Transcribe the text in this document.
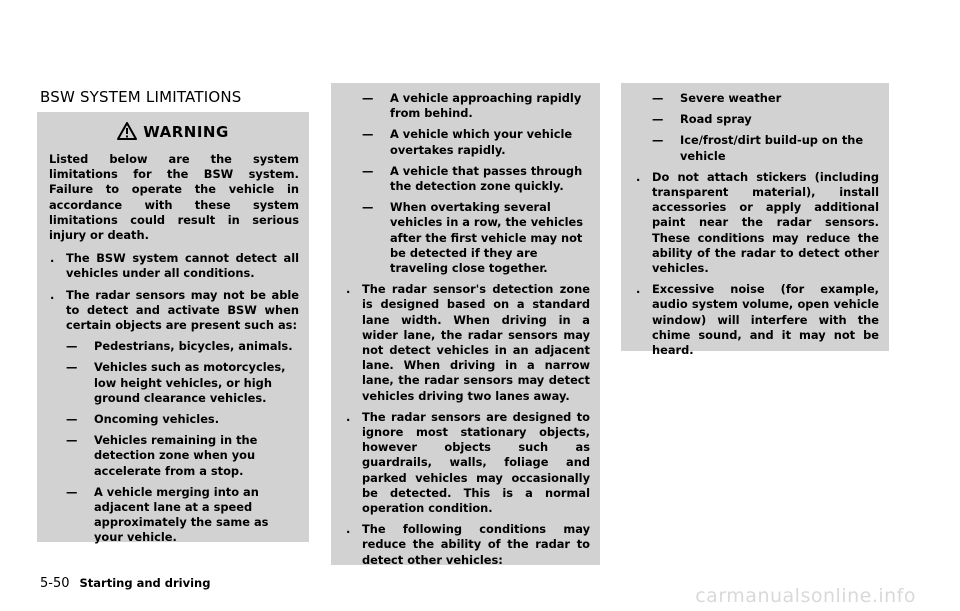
BSW SYSTEM LIMITATIONS
WARNING

Listed below are the system limitations for the BSW system. Failure to operate the vehicle in accordance with these system limitations could result in serious injury or death.

. The BSW system cannot detect all vehicles under all conditions.
. The radar sensors may not be able to detect and activate BSW when certain objects are present such as:
— Pedestrians, bicycles, animals.
— Vehicles such as motorcycles, low height vehicles, or high ground clearance vehicles.
— Oncoming vehicles.
— Vehicles remaining in the detection zone when you accelerate from a stop.
— A vehicle merging into an adjacent lane at a speed approximately the same as your vehicle.
— A vehicle approaching rapidly from behind.
— A vehicle which your vehicle overtakes rapidly.
— A vehicle that passes through the detection zone quickly.
— When overtaking several vehicles in a row, the vehicles after the first vehicle may not be detected if they are traveling close together.
. The radar sensor's detection zone is designed based on a standard lane width. When driving in a wider lane, the radar sensors may not detect vehicles in an adjacent lane. When driving in a narrow lane, the radar sensors may detect vehicles driving two lanes away.
. The radar sensors are designed to ignore most stationary objects, however objects such as guardrails, walls, foliage and parked vehicles may occasionally be detected. This is a normal operation condition.
. The following conditions may reduce the ability of the radar to detect other vehicles:
— Severe weather
— Road spray
— Ice/frost/dirt build-up on the vehicle
. Do not attach stickers (including transparent material), install accessories or apply additional paint near the radar sensors. These conditions may reduce the ability of the radar to detect other vehicles.
. Excessive noise (for example, audio system volume, open vehicle window) will interfere with the chime sound, and it may not be heard.
5-50 Starting and driving
carmanualsonline.info
